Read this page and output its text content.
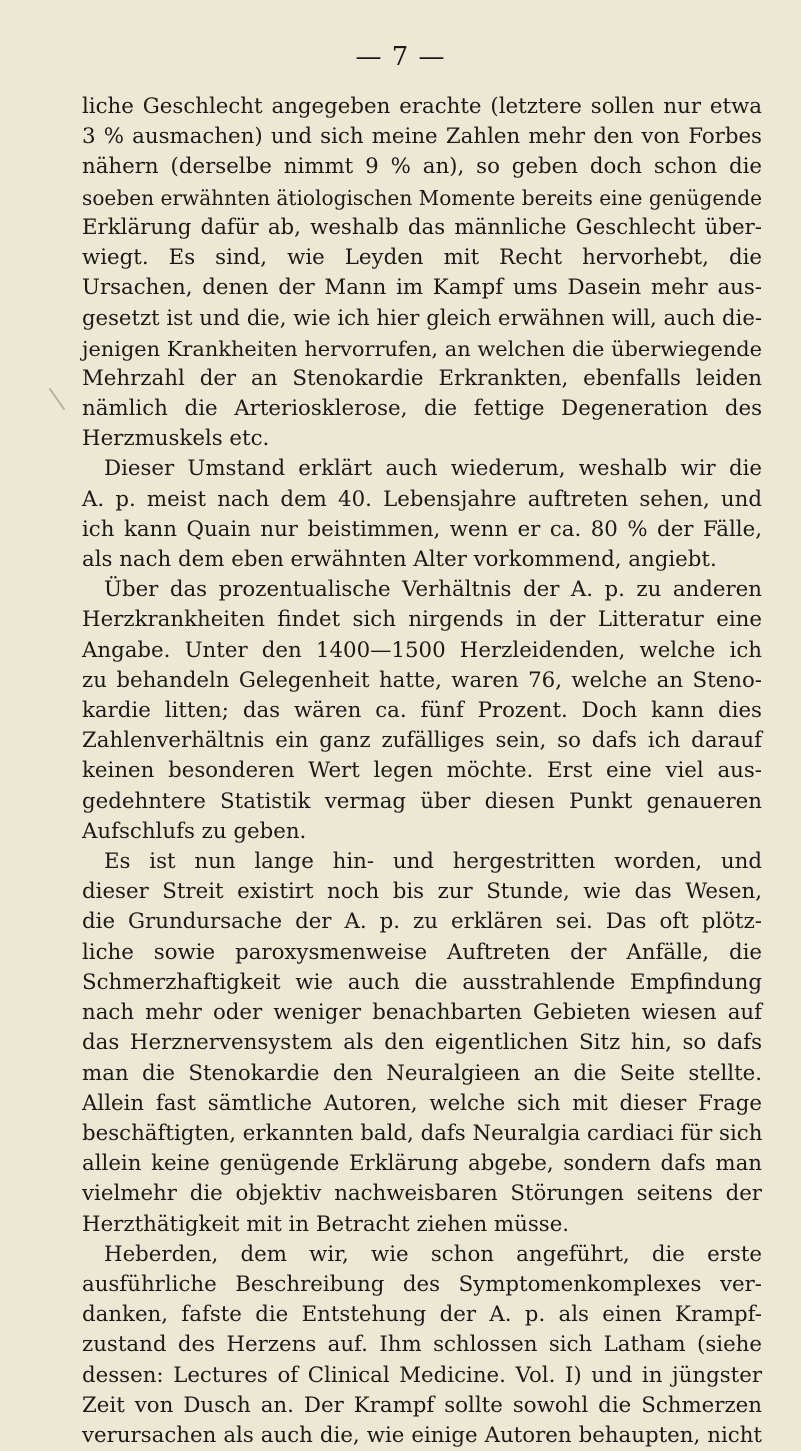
— 7 —
liche Geschlecht angegeben erachte (letztere sollen nur etwa
3 % ausmachen) und sich meine Zahlen mehr den von Forbes
nähern (derselbe nimmt 9 % an), so geben doch schon die
soeben erwähnten ätiologischen Momente bereits eine genügende
Erklärung dafür ab, weshalb das männliche Geschlecht über-
wiegt. Es sind, wie Leyden mit Recht hervorhebt, die
Ursachen, denen der Mann im Kampf ums Dasein mehr aus-
gesetzt ist und die, wie ich hier gleich erwähnen will, auch die-
jenigen Krankheiten hervorrufen, an welchen die überwiegende
Mehrzahl der an Stenokardie Erkrankten, ebenfalls leiden
nämlich die Arteriosklerose, die fettige Degeneration des
Herzmuskels etc.
Dieser Umstand erklärt auch wiederum, weshalb wir die
A. p. meist nach dem 40. Lebensjahre auftreten sehen, und
ich kann Quain nur beistimmen, wenn er ca. 80 % der Fälle,
als nach dem eben erwähnten Alter vorkommend, angiebt.
Über das prozentualische Verhältnis der A. p. zu anderen
Herzkrankheiten findet sich nirgends in der Litteratur eine
Angabe. Unter den 1400—1500 Herzleidenden, welche ich
zu behandeln Gelegenheit hatte, waren 76, welche an Steno-
kardie litten; das wären ca. fünf Prozent. Doch kann dies
Zahlenverhältnis ein ganz zufälliges sein, so dafs ich darauf
keinen besonderen Wert legen möchte. Erst eine viel aus-
gedehntere Statistik vermag über diesen Punkt genaueren
Aufschlufs zu geben.
Es ist nun lange hin- und hergestritten worden, und
dieser Streit existirt noch bis zur Stunde, wie das Wesen,
die Grundursache der A. p. zu erklären sei. Das oft plötz-
liche sowie paroxysmenweise Auftreten der Anfälle, die
Schmerzhaftigkeit wie auch die ausstrahlende Empfindung
nach mehr oder weniger benachbarten Gebieten wiesen auf
das Herznervensystem als den eigentlichen Sitz hin, so dafs
man die Stenokardie den Neuralgieen an die Seite stellte.
Allein fast sämtliche Autoren, welche sich mit dieser Frage
beschäftigten, erkannten bald, dafs Neuralgia cardiaci für sich
allein keine genügende Erklärung abgebe, sondern dafs man
vielmehr die objektiv nachweisbaren Störungen seitens der
Herzthätigkeit mit in Betracht ziehen müsse.
Heberden, dem wir, wie schon angeführt, die erste
ausführliche Beschreibung des Symptomenkomplexes ver-
danken, fafste die Entstehung der A. p. als einen Krampf-
zustand des Herzens auf. Ihm schlossen sich Latham (siehe
dessen: Lectures of Clinical Medicine. Vol. I) und in jüngster
Zeit von Dusch an. Der Krampf sollte sowohl die Schmerzen
verursachen als auch die, wie einige Autoren behaupten, nicht
